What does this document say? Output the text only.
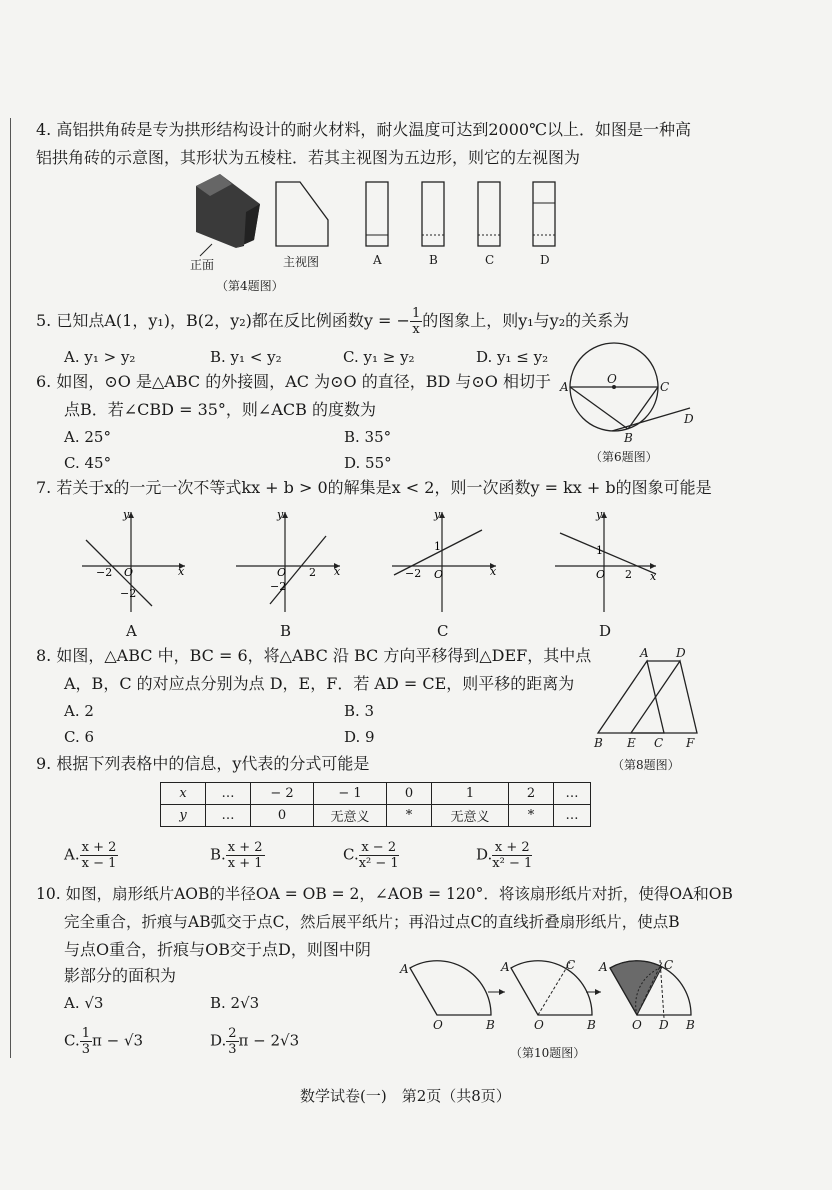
4. 高铝拱角砖是专为拱形结构设计的耐火材料，耐火温度可达到2000℃以上．如图是一种高
铝拱角砖的示意图，其形状为五棱柱．若其主视图为五边形，则它的左视图为
正面	主视图	A	B	C	D
（第4题图）
5. 已知点A(1，y₁)，B(2，y₂)都在反比例函数y = − $\frac{1}{x}$ 的图象上，则y₁与y₂的关系为
A. y₁ > y₂	B. y₁ < y₂	C. y₁ ≥ y₂	D. y₁ ≤ y₂
6. 如图，⊙O 是△ABC 的外接圆，AC 为⊙O 的直径，BD 与⊙O 相切于
点B．若∠CBD = 35°，则∠ACB 的度数为
A. 25°	B. 35°
C. 45°	D. 55°
A
O
C
B
D
（第6题图）
7. 若关于x的一元一次不等式kx + b > 0的解集是x < 2，则一次函数y = kx + b的图象可能是
x
y
O
−2
−2
x
y
O 2
−2
x
y
O
−2
1
x
y
O 2
1
A	B	C	D
8. 如图，△ABC 中，BC = 6，将△ABC 沿 BC 方向平移得到△DEF，其中点
A，B，C 的对应点分别为点 D，E，F．若 AD = CE，则平移的距离为
A. 2	B. 3
C. 6	D. 9
A D
B E C F
（第8题图）
9. 根据下列表格中的信息，y代表的分式可能是
x	…	− 2	− 1	0	1	2	…
y	…	0	无意义	*	无意义	*	…
A. $\frac{x + 2}{x - 1}$	B. $\frac{x + 2}{x + 1}$	C. $\frac{x - 2}{\text{x² − 1}}$	D. $\frac{x + 2}{\text{x² − 1}}$
10. 如图，扇形纸片AOB的半径OA = OB = 2，∠AOB = 120°．将该扇形纸片对折，使得OA和OB
完全重合，折痕与AB弧交于点C，然后展平纸片；再沿过点C的直线折叠扇形纸片，使点B
与点O重合，折痕与OB交于点D，则图中阴
影部分的面积为
A. √3	B. 2√3
C. $\frac{1}{3}$ π − √3	D. $\frac{2}{3}$ π − 2√3
A
O	B
A	C
O	B
A	C
O D B
（第10题图）
数学试卷(一)　第2页（共8页）
